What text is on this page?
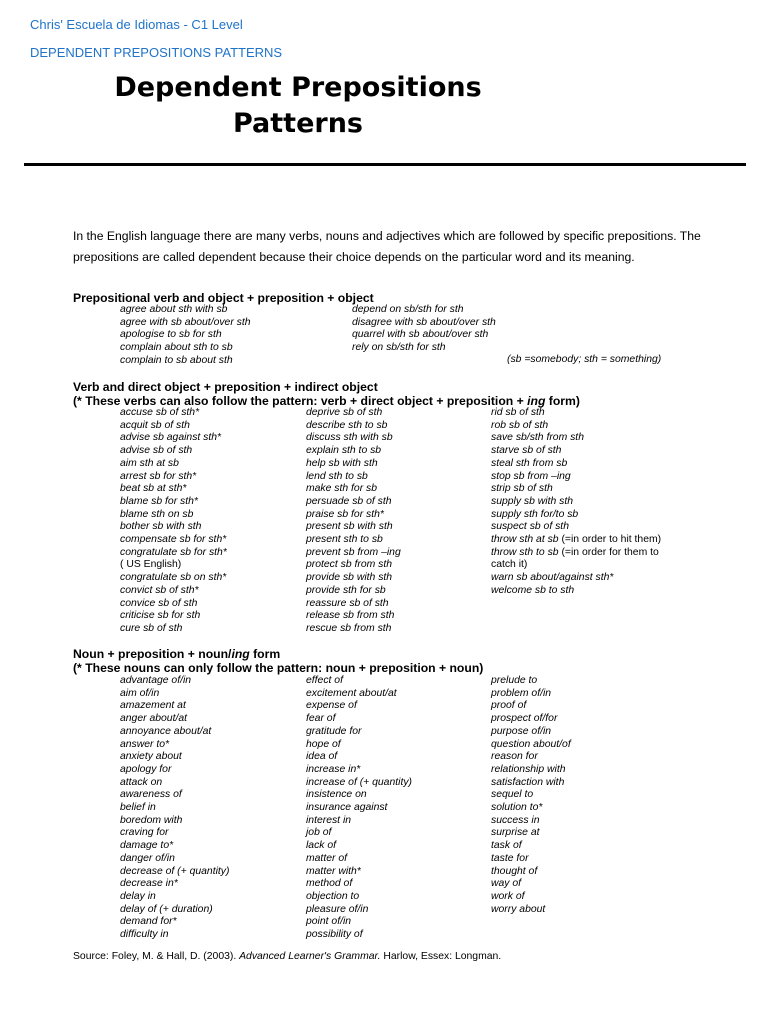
Chris' Escuela de Idiomas - C1 Level
DEPENDENT PREPOSITIONS PATTERNS
Dependent Prepositions
Patterns
In the English language there are many verbs, nouns and adjectives which are followed by specific prepositions. The prepositions are called dependent because their choice depends on the particular word and its meaning.
Prepositional verb and object + preposition + object
agree about sth with sb
agree with sb about/over sth
apologise to sb for sth
complain about sth to sb
complain to sb about sth
depend on sb/sth for sth
disagree with sb about/over sth
quarrel with sb about/over sth
rely on sb/sth for sth
(sb =somebody; sth = something)
Verb and direct object + preposition + indirect object
(* These verbs can also follow the pattern: verb + direct object + preposition + ing form)
accuse sb of sth*
acquit sb of sth
advise sb against sth*
advise sb of sth
aim sth at sb
arrest sb for sth*
beat sb at sth*
blame sb for sth*
blame sth on sb
bother sb with sth
compensate sb for sth*
congratulate sb for sth*
( US English)
congratulate sb on sth*
convict sb of sth*
convice sb of sth
criticise sb for sth
cure sb of sth
deprive sb of sth
describe sth to sb
discuss sth with sb
explain sth to sb
help sb with sth
lend sth to sb
make sth for sb
persuade sb of sth
praise sb for sth*
present sb with sth
present sth to sb
prevent sb from –ing
protect sb from sth
provide sb with sth
provide sth for sb
reassure sb of sth
release sb from sth
rescue sb from sth
rid sb of sth
rob sb of sth
save sb/sth from sth
starve sb of sth
steal sth from sb
stop sb from –ing
strip sb of sth
supply sb with sth
supply sth for/to sb
suspect sb of sth
throw sth at sb (=in order to hit them)
throw sth to sb (=in order for them to catch it)
warn sb about/against sth*
welcome sb to sth
Noun + preposition + noun/ing form
(* These nouns can only follow the pattern: noun + preposition + noun)
advantage of/in
aim of/in
amazement at
anger about/at
annoyance about/at
answer to*
anxiety about
apology for
attack on
awareness of
belief in
boredom with
craving for
damage to*
danger of/in
decrease of (+ quantity)
decrease in*
delay in
delay of (+ duration)
demand for*
difficulty in
effect of
excitement about/at
expense of
fear of
gratitude for
hope of
idea of
increase in*
increase of (+ quantity)
insistence on
insurance against
interest in
job of
lack of
matter of
matter with*
method of
objection to
pleasure of/in
point of/in
possibility of
prelude to
problem of/in
proof of
prospect of/for
purpose of/in
question about/of
reason for
relationship with
satisfaction with
sequel to
solution to*
success in
surprise at
task of
taste for
thought of
way of
work of
worry about
Source: Foley, M. & Hall, D. (2003). Advanced Learner's Grammar. Harlow, Essex: Longman.
